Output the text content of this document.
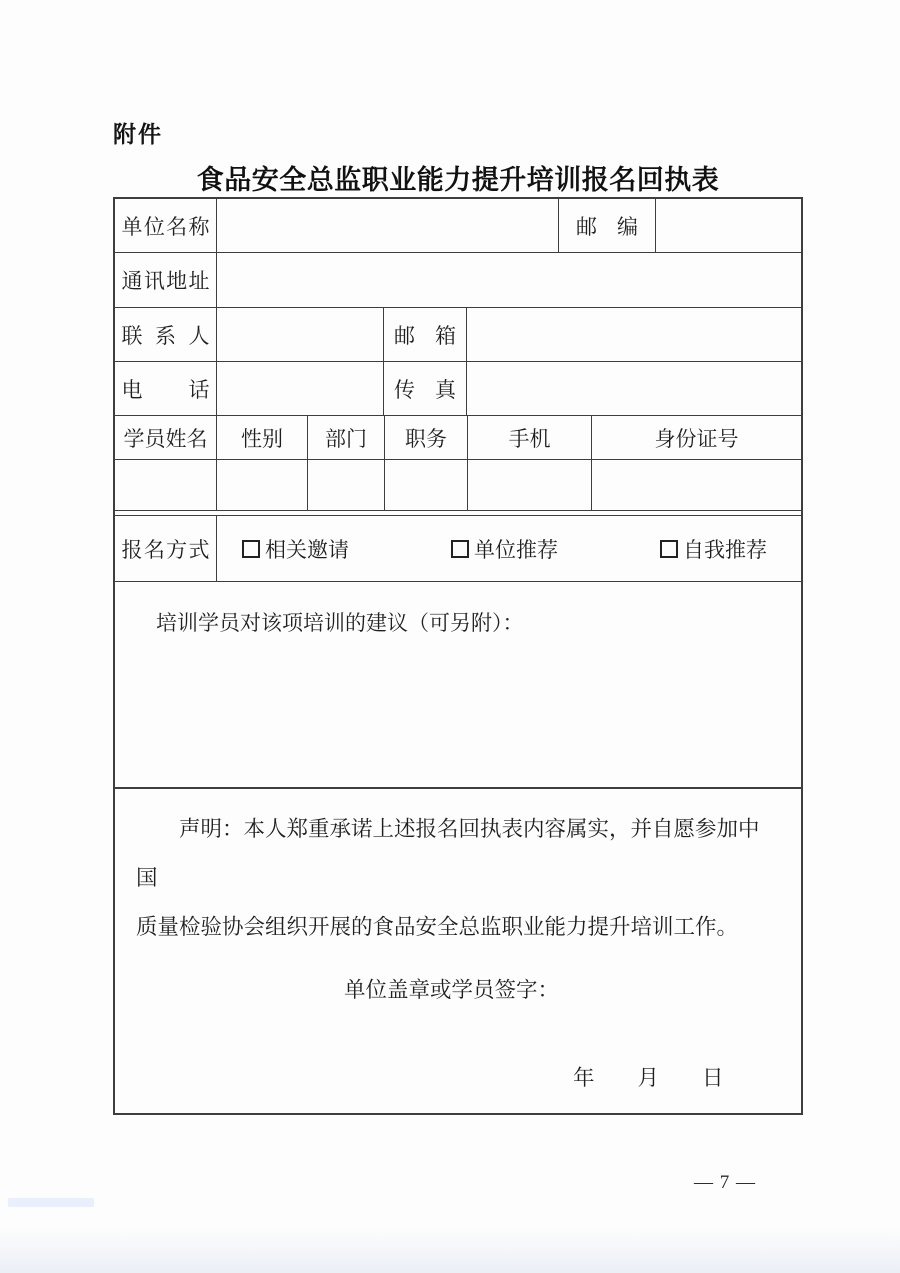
附件
食品安全总监职业能力提升培训报名回执表
单位名称	邮编
通讯地址
联系人	邮箱
电话	传真
学员姓名	性别	部门	职务	手机	身份证号
报名方式	相关邀请	单位推荐	自我推荐
培训学员对该项培训的建议（可另附）：
声明：本人郑重承诺上述报名回执表内容属实，并自愿参加中国
质量检验协会组织开展的食品安全总监职业能力提升培训工作。
单位盖章或学员签字：
年　　月　　日
— 7 —
